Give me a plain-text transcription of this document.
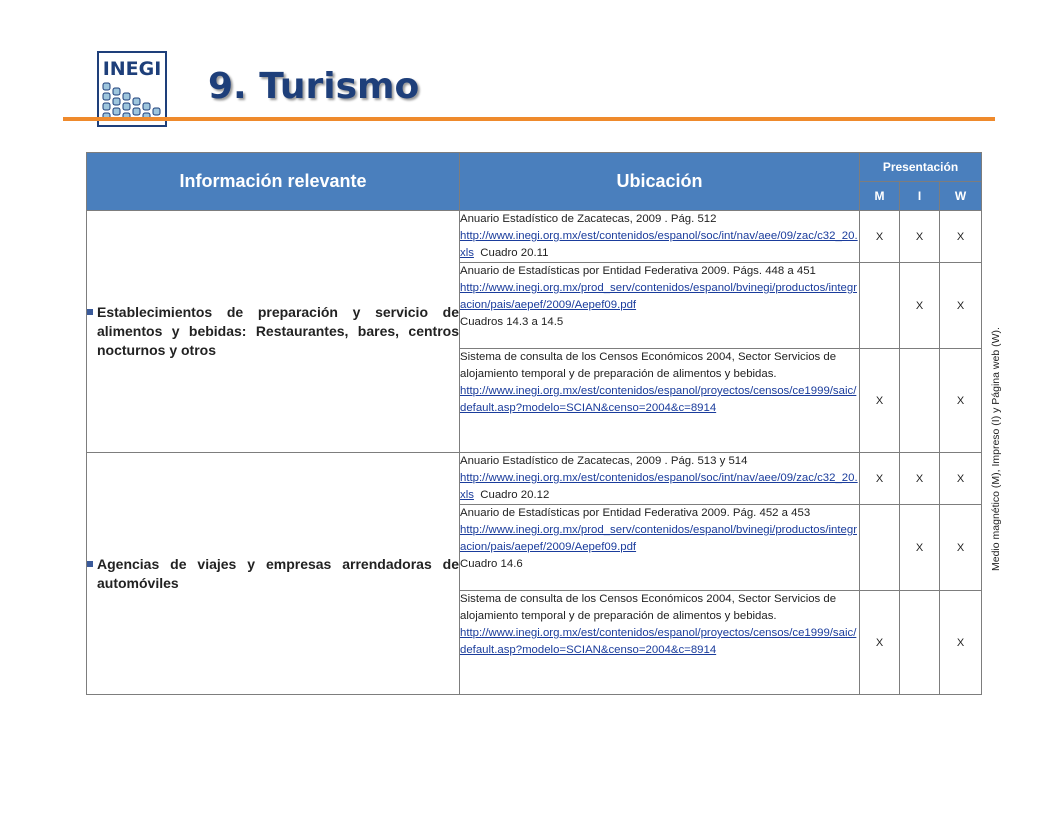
INEGI 9. Turismo
Información relevante	Ubicación	Presentación		
		M	I	W

Establecimientos de preparación y servicio de alimentos y bebidas: Restaurantes, bares, centros nocturnos y otros	Anuario Estadístico de Zacatecas, 2009 . Pág. 512
http://www.inegi.org.mx/est/contenidos/espanol/soc/int/nav/aee/09/zac/c32_20.xls Cuadro 20.11	X	X	X
	Anuario de Estadísticas por Entidad Federativa 2009. Págs. 448 a 451
http://www.inegi.org.mx/prod_serv/contenidos/espanol/bvinegi/productos/integracion/pais/aepef/2009/Aepef09.pdf
Cuadros 14.3 a 14.5		X	X
	Sistema de consulta de los Censos Económicos 2004, Sector Servicios de alojamiento temporal y de preparación de alimentos y bebidas.
http://www.inegi.org.mx/est/contenidos/espanol/proyectos/censos/ce1999/saic/default.asp?modelo=SCIAN&censo=2004&c=8914	X		X

Agencias de viajes y empresas arrendadoras de automóviles	Anuario Estadístico de Zacatecas, 2009 . Pág. 513 y 514
http://www.inegi.org.mx/est/contenidos/espanol/soc/int/nav/aee/09/zac/c32_20.xls Cuadro 20.12	X	X	X
	Anuario de Estadísticas por Entidad Federativa 2009. Pág. 452 a 453
http://www.inegi.org.mx/prod_serv/contenidos/espanol/bvinegi/productos/integracion/pais/aepef/2009/Aepef09.pdf
Cuadro 14.6		X	X
	Sistema de consulta de los Censos Económicos 2004, Sector Servicios de alojamiento temporal y de preparación de alimentos y bebidas.
http://www.inegi.org.mx/est/contenidos/espanol/proyectos/censos/ce1999/saic/default.asp?modelo=SCIAN&censo=2004&c=8914	X		X
Medio magnético (M), Impreso (I) y Página web (W).
